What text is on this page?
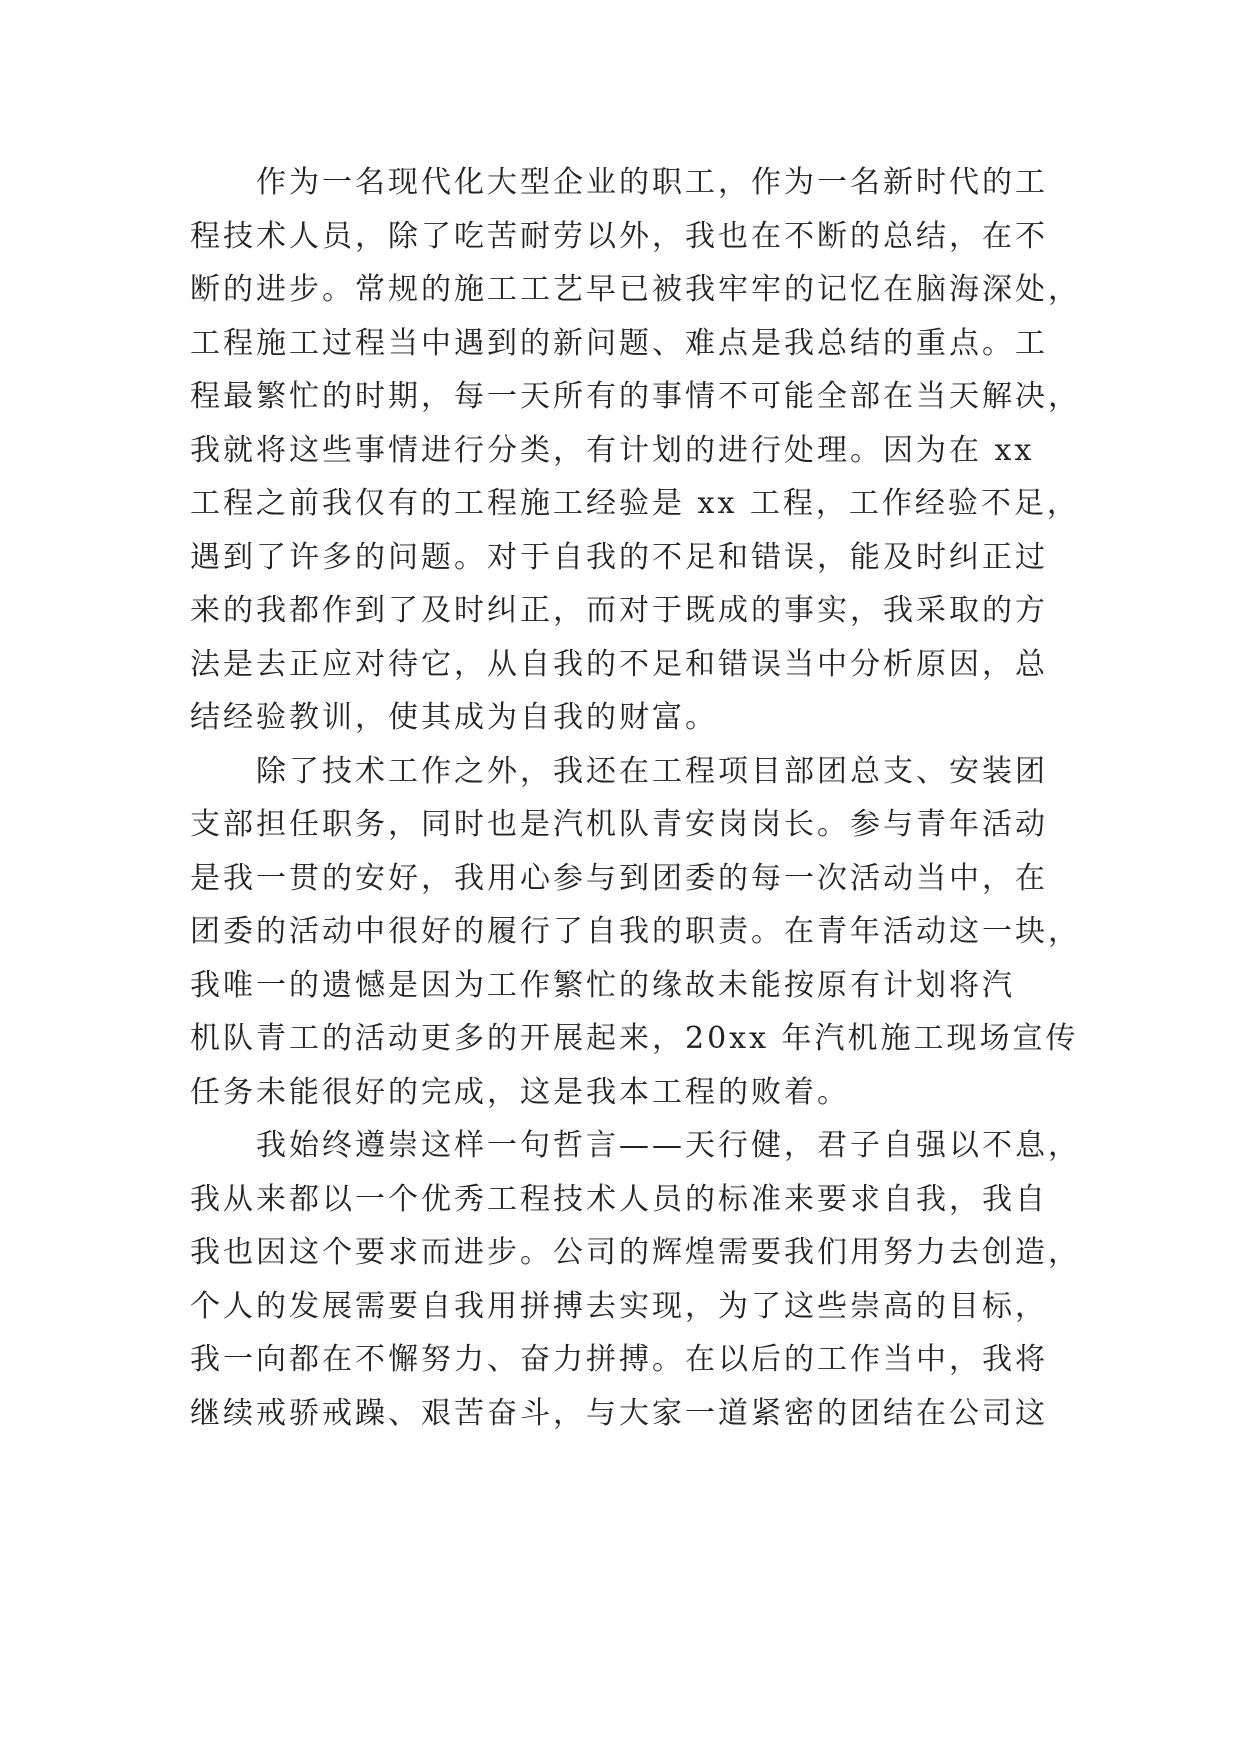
作为一名现代化大型企业的职工，作为一名新时代的工
程技术人员，除了吃苦耐劳以外，我也在不断的总结，在不
断的进步。常规的施工工艺早已被我牢牢的记忆在脑海深处，
工程施工过程当中遇到的新问题、难点是我总结的重点。工
程最繁忙的时期，每一天所有的事情不可能全部在当天解决，
我就将这些事情进行分类，有计划的进行处理。因为在 xx
工程之前我仅有的工程施工经验是 xx 工程，工作经验不足，
遇到了许多的问题。对于自我的不足和错误，能及时纠正过
来的我都作到了及时纠正，而对于既成的事实，我采取的方
法是去正应对待它，从自我的不足和错误当中分析原因，总
结经验教训，使其成为自我的财富。
除了技术工作之外，我还在工程项目部团总支、安装团
支部担任职务，同时也是汽机队青安岗岗长。参与青年活动
是我一贯的安好，我用心参与到团委的每一次活动当中，在
团委的活动中很好的履行了自我的职责。在青年活动这一块，
我唯一的遗憾是因为工作繁忙的缘故未能按原有计划将汽
机队青工的活动更多的开展起来，20xx 年汽机施工现场宣传
任务未能很好的完成，这是我本工程的败着。
我始终遵崇这样一句哲言——天行健，君子自强以不息，
我从来都以一个优秀工程技术人员的标准来要求自我，我自
我也因这个要求而进步。公司的辉煌需要我们用努力去创造，
个人的发展需要自我用拼搏去实现，为了这些崇高的目标，
我一向都在不懈努力、奋力拼搏。在以后的工作当中，我将
继续戒骄戒躁、艰苦奋斗，与大家一道紧密的团结在公司这
